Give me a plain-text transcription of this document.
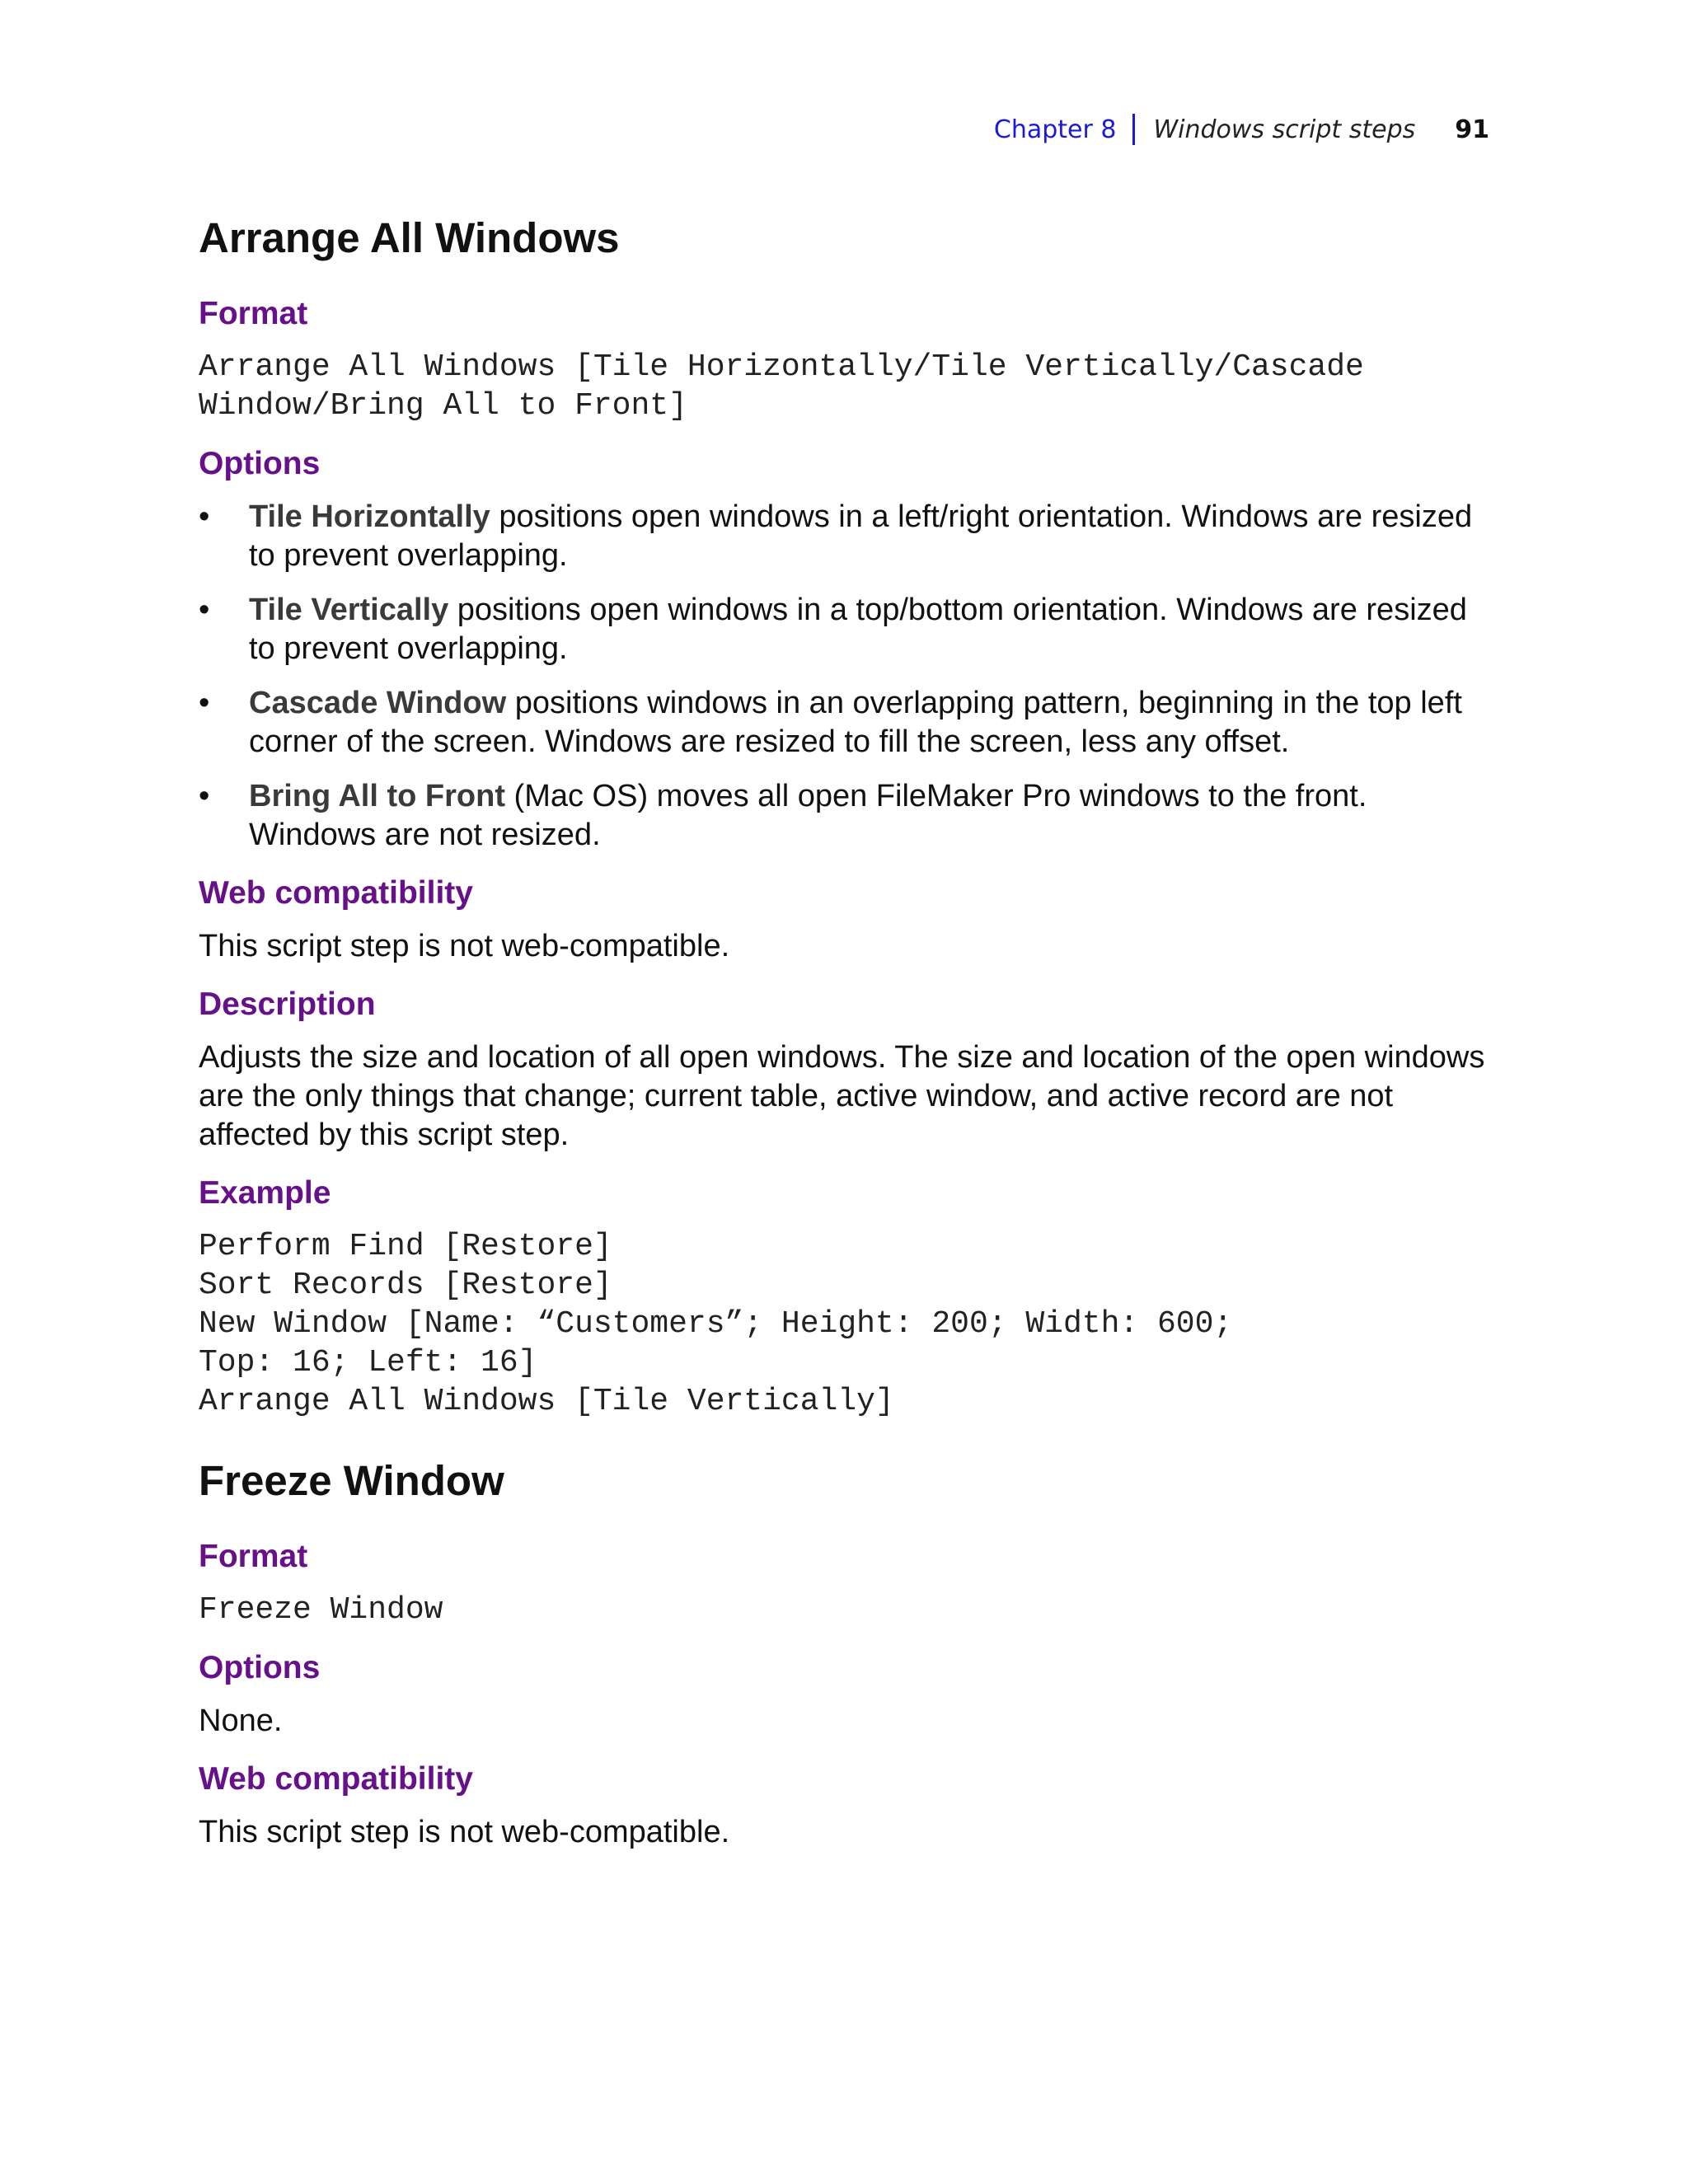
Chapter 8 Windows script steps 91
Arrange All Windows
Format
Arrange All Windows [Tile Horizontally/Tile Vertically/Cascade
Window/Bring All to Front]
Options
• Tile Horizontally positions open windows in a left/right orientation. Windows are resized to prevent overlapping.
• Tile Vertically positions open windows in a top/bottom orientation. Windows are resized to prevent overlapping.
• Cascade Window positions windows in an overlapping pattern, beginning in the top left corner of the screen. Windows are resized to fill the screen, less any offset.
• Bring All to Front (Mac OS) moves all open FileMaker Pro windows to the front. Windows are not resized.
Web compatibility

This script step is not web-compatible.

Description

Adjusts the size and location of all open windows. The size and location of the open windows are the only things that change; current table, active window, and active record are not affected by this script step.

Example
Perform Find [Restore]
Sort Records [Restore]
New Window [Name: “Customers”; Height: 200; Width: 600;
Top: 16; Left: 16]
Arrange All Windows [Tile Vertically]
Freeze Window
Format
Freeze Window
Options

None.

Web compatibility

This script step is not web-compatible.
